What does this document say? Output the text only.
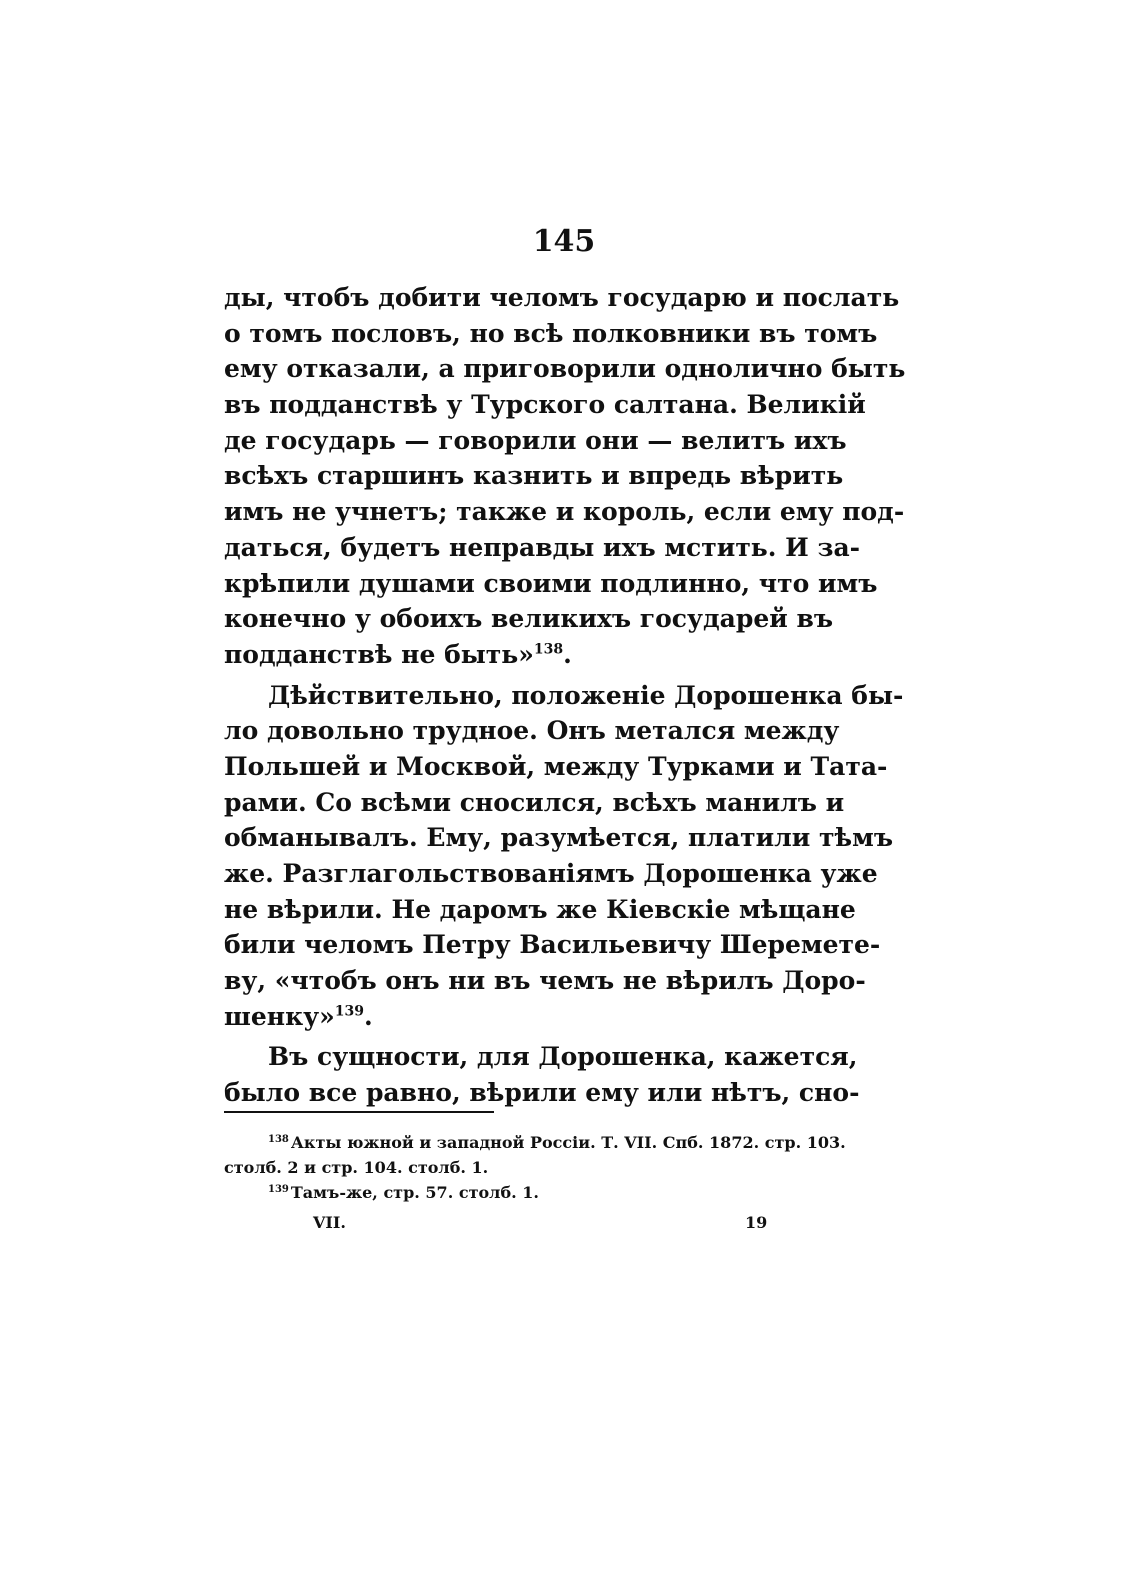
145
ды, чтобъ добити челомъ государю и послать
о томъ пословъ, но всѣ полковники въ томъ
ему отказали, а приговорили однолично быть
въ подданствѣ у Турского салтана. Великій
де государь — говорили они — велитъ ихъ
всѣхъ старшинъ казнить и впредь вѣрить
имъ не учнетъ; также и король, если ему под-
даться, будетъ неправды ихъ мстить. И за-
крѣпили душами своими подлинно, что имъ
конечно у обоихъ великихъ государей въ
подданствѣ не быть»$^{138}$.
Дѣйствительно, положеніе Дорошенка бы-
ло довольно трудное. Онъ метался между
Польшей и Москвой, между Турками и Тата-
рами. Со всѣми сносился, всѣхъ манилъ и
обманывалъ. Ему, разумѣется, платили тѣмъ
же. Разглагольствованіямъ Дорошенка уже
не вѣрили. Не даромъ же Кіевскіе мѣщане
били челомъ Петру Васильевичу Шереметe-
ву, «чтобъ онъ ни въ чемъ не вѣрилъ Доро-
шенку»$^{139}$.
Въ сущности, для Дорошенка, кажется,
было все равно, вѣрили ему или нѣтъ, сно-
$^{138}$ Акты южной и западной Россіи. Т. VII. Спб. 1872. стр. 103.
столб. 2 и стр. 104. столб. 1.
$^{139}$ Тамъ-же, стр. 57. столб. 1.
VII.	19
